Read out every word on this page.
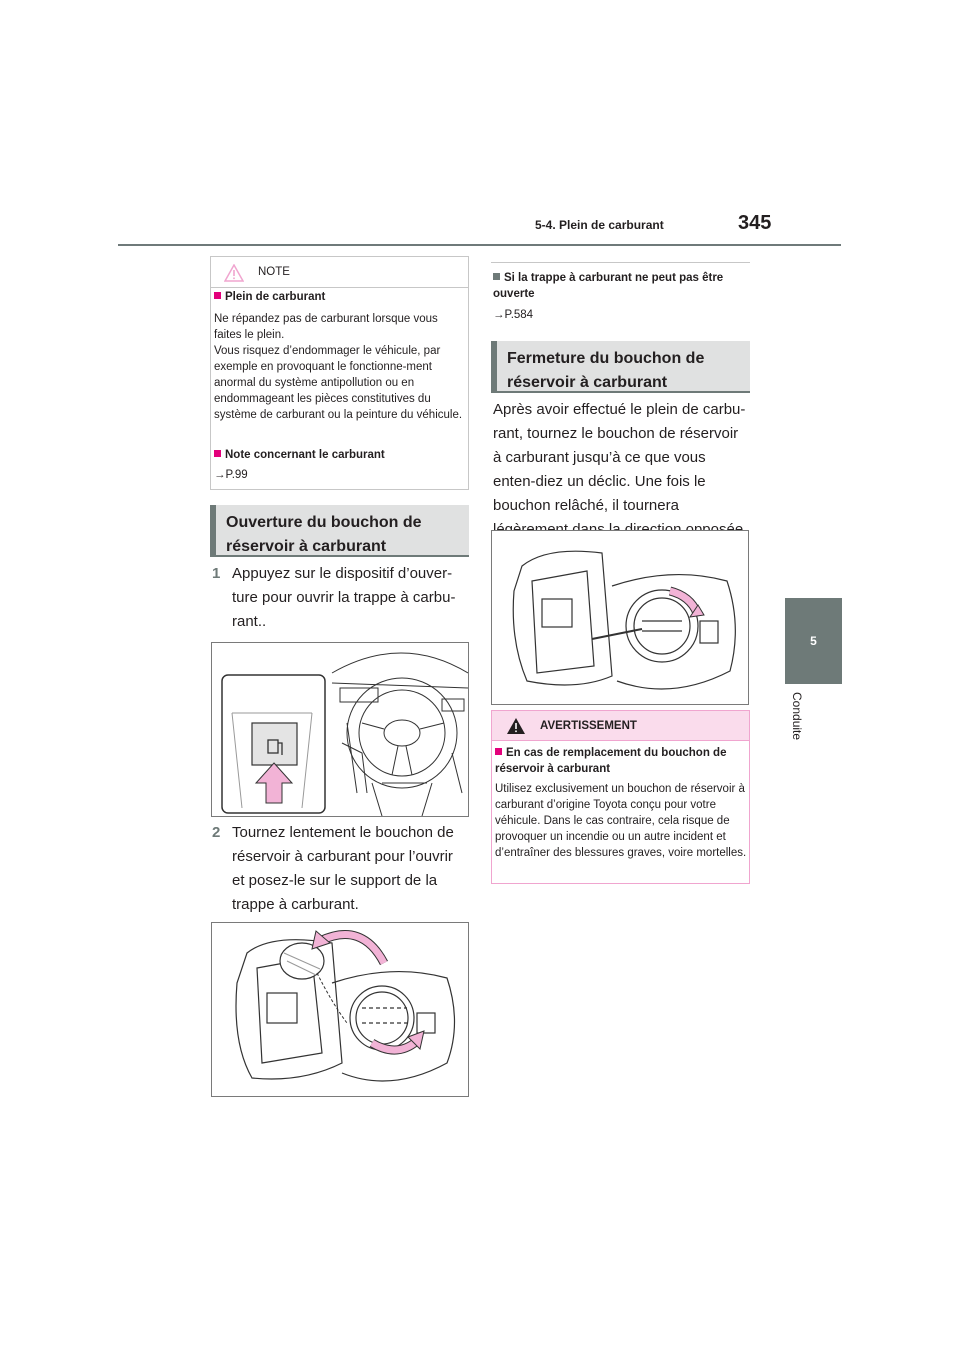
5-4. Plein de carburant	345
5
Conduite
NOTE
Plein de carburant
Ne répandez pas de carburant lorsque vous faites le plein.
Vous risquez d’endommager le véhicule, par exemple en provoquant le fonctionne-ment anormal du système antipollution ou en endommageant les pièces constitutives du système de carburant ou la peinture du véhicule.
Note concernant le carburant
→P.99
Ouverture du bouchon de
réservoir à carburant
1 Appuyez sur le dispositif d’ouver-ture pour ouvrir la trappe à carbu-rant..
2 Tournez lentement le bouchon de réservoir à carburant pour l’ouvrir et posez-le sur le support de la trappe à carburant.
Si la trappe à carburant ne peut pas être ouverte
→P.584
Fermeture du bouchon de
réservoir à carburant
Après avoir effectué le plein de carbu-rant, tournez le bouchon de réservoir à carburant jusqu’à ce que vous enten-diez un déclic. Une fois le bouchon relâché, il tournera
AVERTISSEMENT
En cas de remplacement du bouchon de réservoir à carburant
Utilisez exclusivement un bouchon de réservoir à carburant d’origine Toyota conçu pour votre véhicule. Dans le cas contraire, cela risque de provoquer un incendie ou un autre incident et d’entraîner des blessures graves, voire mortelles.
